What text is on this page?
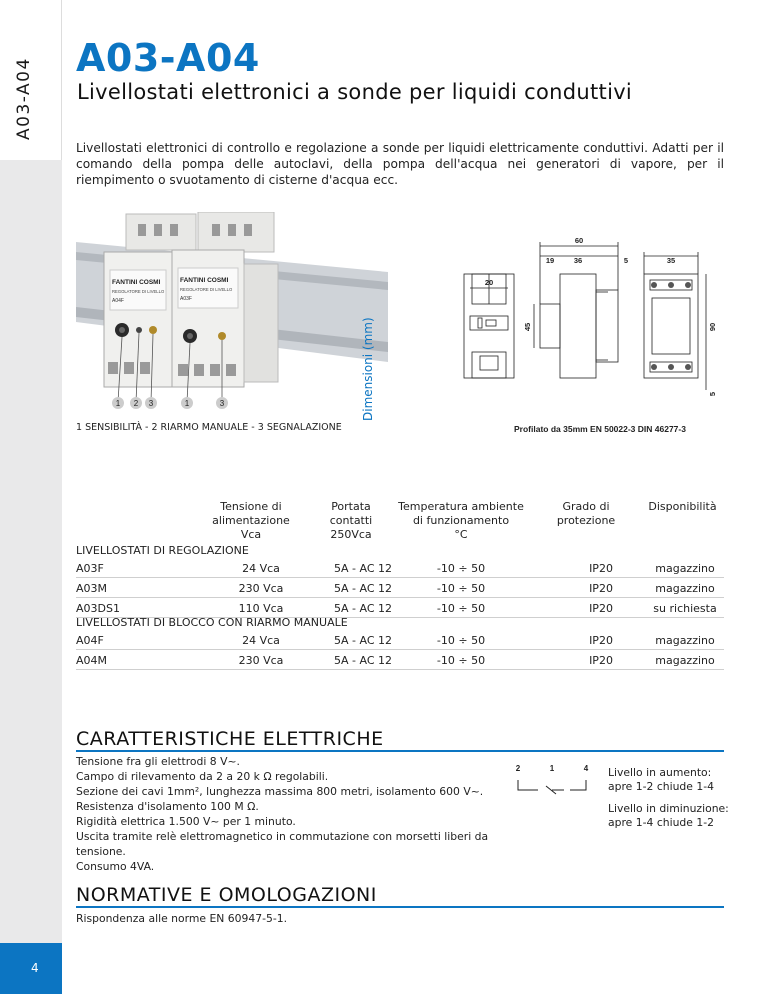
A03-A04
4
A03-A04
Livellostati elettronici a sonde per liquidi conduttivi

Livellostati elettronici di controllo e regolazione a sonde per liquidi elettricamente conduttivi. Adatti per il comando della pompa delle autoclavi, della pompa dell'acqua nei generatori di vapore, per il riempimento o svuotamento di cisterne d'acqua ecc.

FANTINI COSMI	FANTINI COSMI
REGOLATORE DI LIVELLO	REGOLATORE DI LIVELLO
A04F	A03F
1 2 3	1	3	Dimensioni (mm)
1 SENSIBILITÀ - 2 RIARMO MANUALE - 3 SEGNALAZIONE
60
19	36	5	35
20
45	90
5
Profilato da 35mm EN 50022-3 DIN 46277-3
Tensione di
alimentazione
Vca
Portata
contatti
250Vca
Temperatura ambiente
di funzionamento
°C
Grado di
protezione
Disponibilità
LIVELLOSTATI DI REGOLAZIONE
A03F	24 Vca	5A - AC 12	-10 ÷ 50	IP20	magazzino
A03M	230 Vca	5A - AC 12	-10 ÷ 50	IP20	magazzino
A03DS1	110 Vca	5A - AC 12	-10 ÷ 50	IP20	su richiesta
LIVELLOSTATI DI BLOCCO CON RIARMO MANUALE
A04F	24 Vca	5A - AC 12	-10 ÷ 50	IP20	magazzino
A04M	230 Vca	5A - AC 12	-10 ÷ 50	IP20	magazzino
CARATTERISTICHE ELETTRICHE
Tensione fra gli elettrodi 8 V~.
Campo di rilevamento da 2 a 20 k Ω regolabili.
Sezione dei cavi 1mm², lunghezza massima 800 metri, isolamento 600 V~.
Resistenza d'isolamento 100 M Ω.
Rigidità elettrica 1.500 V~ per 1 minuto.
Uscita tramite relè elettromagnetico in commutazione con morsetti liberi da tensione.
Consumo 4VA.
2	1	4 Livello in aumento:
apre 1-2 chiude 1-4
Livello in diminuzione:
apre 1-4 chiude 1-2
NORMATIVE E OMOLOGAZIONI
Rispondenza alle norme EN 60947-5-1.
